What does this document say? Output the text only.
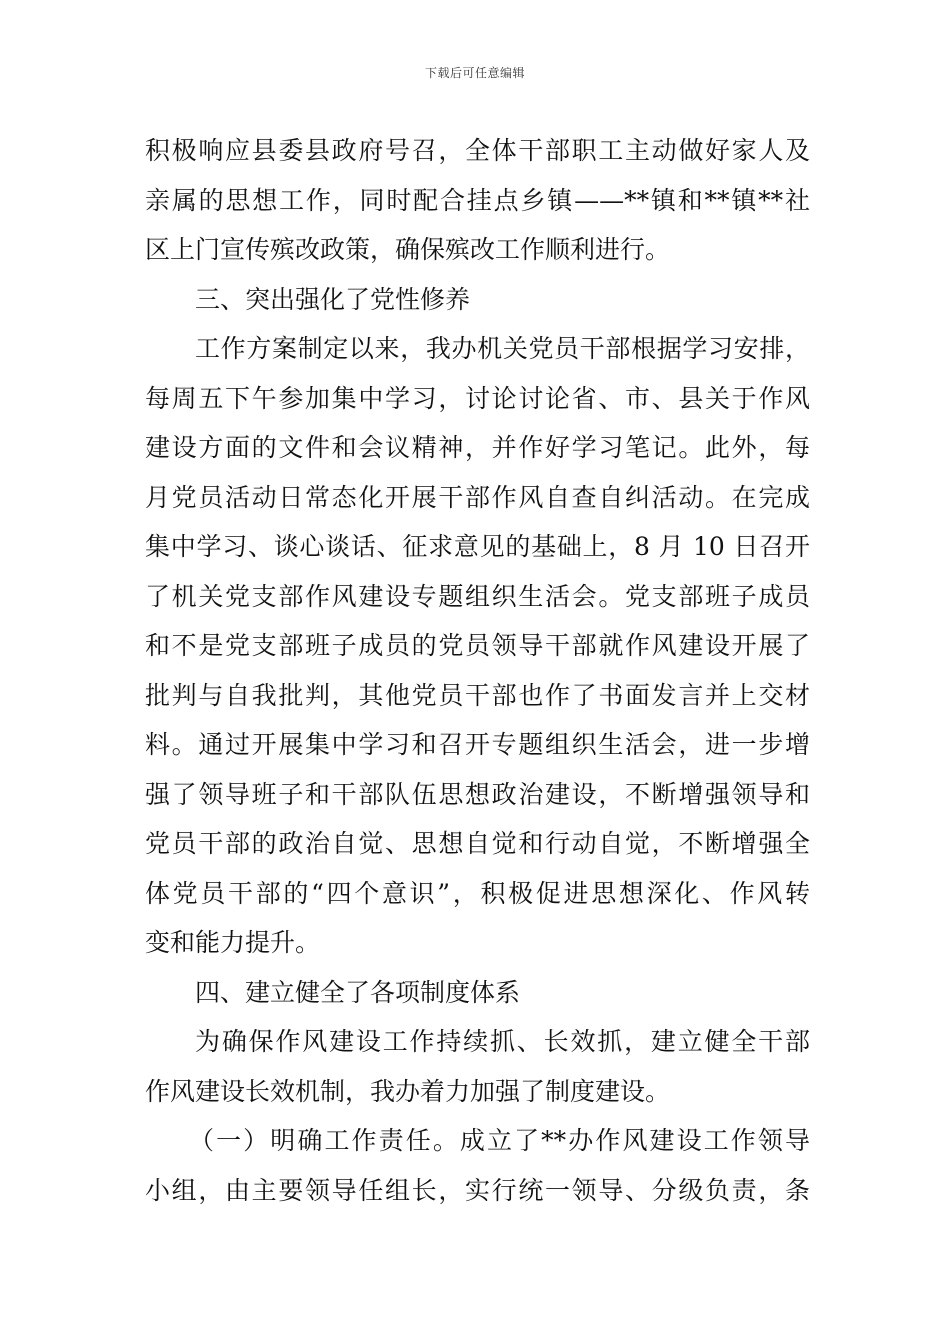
下载后可任意编辑
积极响应县委县政府号召，全体干部职工主动做好家人及
亲属的思想工作，同时配合挂点乡镇——**镇和**镇**社
区上门宣传殡改政策，确保殡改工作顺利进行。
三、突出强化了党性修养
工作方案制定以来，我办机关党员干部根据学习安排，
每周五下午参加集中学习，讨论讨论省、市、县关于作风
建设方面的文件和会议精神，并作好学习笔记。此外，每
月党员活动日常态化开展干部作风自查自纠活动。在完成
集中学习、谈心谈话、征求意见的基础上，8 月 10 日召开
了机关党支部作风建设专题组织生活会。党支部班子成员
和不是党支部班子成员的党员领导干部就作风建设开展了
批判与自我批判，其他党员干部也作了书面发言并上交材
料。通过开展集中学习和召开专题组织生活会，进一步增
强了领导班子和干部队伍思想政治建设，不断增强领导和
党员干部的政治自觉、思想自觉和行动自觉，不断增强全
体党员干部的“四个意识”，积极促进思想深化、作风转
变和能力提升。
四、建立健全了各项制度体系
为确保作风建设工作持续抓、长效抓，建立健全干部
作风建设长效机制，我办着力加强了制度建设。
（一）明确工作责任。成立了**办作风建设工作领导
小组，由主要领导任组长，实行统一领导、分级负责，条
